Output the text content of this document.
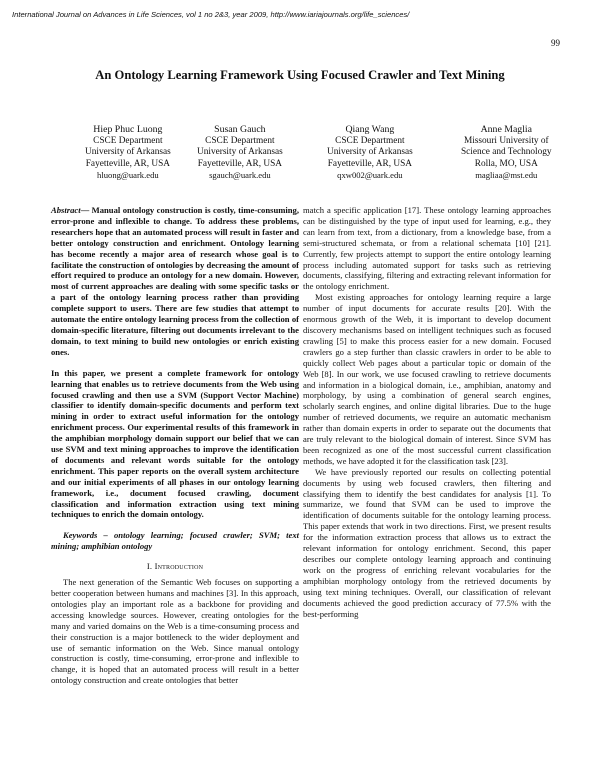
International Journal on Advances in Life Sciences, vol 1 no 2&3, year 2009, http://www.iariajournals.org/life_sciences/
99
An Ontology Learning Framework Using Focused Crawler and Text Mining
Hiep Phuc Luong
CSCE Department
University of Arkansas
Fayetteville, AR, USA
hluong@uark.edu
Susan Gauch
CSCE Department
University of Arkansas
Fayetteville, AR, USA
sgauch@uark.edu
Qiang Wang
CSCE Department
University of Arkansas
Fayetteville, AR, USA
qxw002@uark.edu
Anne Maglia
Missouri University of
Science and Technology
Rolla, MO, USA
magliaa@mst.edu

Abstract— Manual ontology construction is costly, time-consuming, error-prone and inflexible to change. To address these problems, researchers hope that an automated process will result in faster and better ontology construction and enrichment. Ontology learning has become recently a major area of research whose goal is to facilitate the construction of ontologies by decreasing the amount of effort required to produce an ontology for a new domain. However, most of current approaches are dealing with some specific tasks or a part of the ontology learning process rather than providing complete support to users. There are few studies that attempt to automate the entire ontology learning process from the collection of domain-specific literature, filtering out documents irrelevant to the domain, to text mining to build new ontologies or enrich existing ones.

In this paper, we present a complete framework for ontology learning that enables us to retrieve documents from the Web using focused crawling and then use a SVM (Support Vector Machine) classifier to identify domain-specific documents and perform text mining in order to extract useful information for the ontology enrichment process. Our experimental results of this framework in the amphibian morphology domain support our belief that we can use SVM and text mining approaches to improve the identification of documents and relevant words suitable for the ontology enrichment. This paper reports on the overall system architecture and our initial experiments of all phases in our ontology learning framework, i.e., document focused crawling, document classification and information extraction using text mining techniques to enrich the domain ontology.

Keywords – ontology learning; focused crawler; SVM; text mining; amphibian ontology

I. Introduction

The next generation of the Semantic Web focuses on supporting a better cooperation between humans and machines [3]. In this approach, ontologies play an important role as a backbone for providing and accessing knowledge sources. However, creating ontologies for the many and varied domains on the Web is a time-consuming process and their construction is a major bottleneck to the wider deployment and use of semantic information on the Web. Since manual ontology construction is costly, time-consuming, error-prone and inflexible to change, it is hoped that an automated process will result in a better ontology construction and create ontologies that better

match a specific application [17]. These ontology learning approaches can be distinguished by the type of input used for learning, e.g., they can learn from text, from a dictionary, from a knowledge base, from a semi-structured schemata, or from a relational schemata [10] [21]. Currently, few projects attempt to support the entire ontology learning process including automated support for tasks such as retrieving documents, classifying, filtering and extracting relevant information for the ontology enrichment.

Most existing approaches for ontology learning require a large number of input documents for accurate results [20]. With the enormous growth of the Web, it is important to develop document discovery mechanisms based on intelligent techniques such as focused crawling [5] to make this process easier for a new domain. Focused crawlers go a step further than classic crawlers in order to be able to quickly collect Web pages about a particular topic or domain of the Web [8]. In our work, we use focused crawling to retrieve documents and information in a biological domain, i.e., amphibian, anatomy and morphology, by using a combination of general search engines, scholarly search engines, and online digital libraries. Due to the huge number of retrieved documents, we require an automatic mechanism rather than domain experts in order to separate out the documents that are truly relevant to the biological domain of interest. Since SVM has been recognized as one of the most successful current classification methods, we have adopted it for the classification task [23].

We have previously reported our results on collecting potential documents by using web focused crawlers, then filtering and classifying them to identify the best candidates for analysis [1]. To summarize, we found that SVM can be used to improve the identification of documents suitable for the ontology learning process. This paper extends that work in two directions. First, we present results for the information extraction process that allows us to extract the relevant information for ontology enrichment. Second, this paper describes our complete ontology learning approach and continuing work on the progress of enriching relevant vocabularies for the amphibian morphology ontology from the retrieved documents by using text mining techniques. Overall, our classification of relevant documents achieved the good prediction accuracy of 77.5% with the best-performing
